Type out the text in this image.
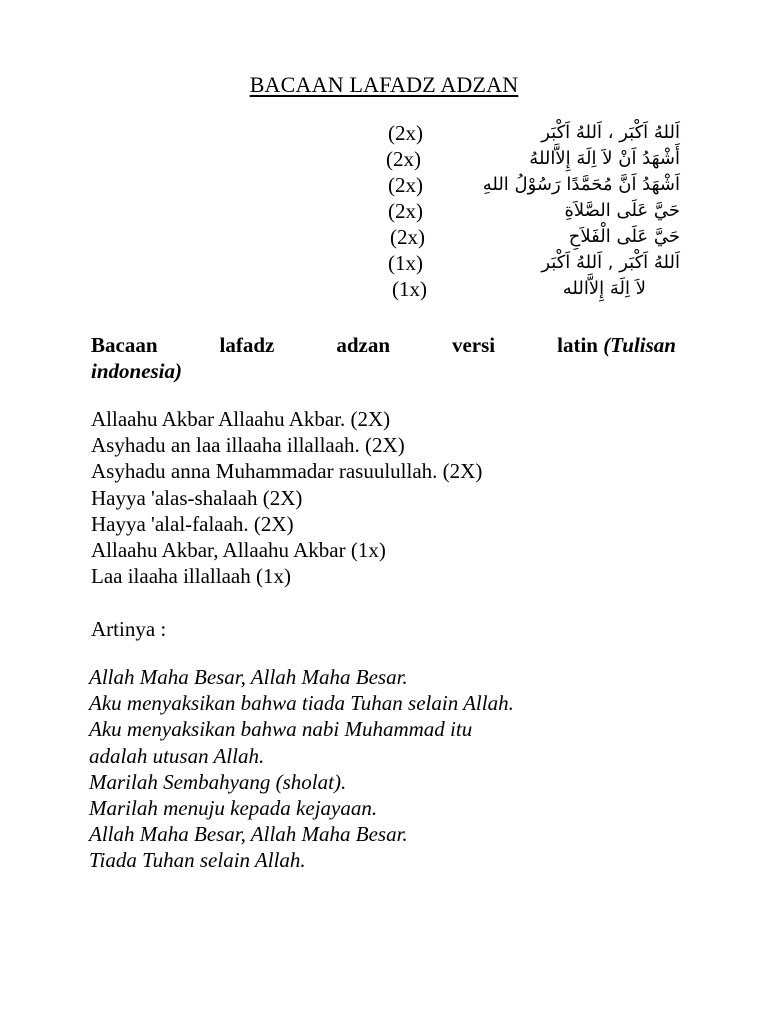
BACAAN LAFADZ ADZAN
(2x)	اَللهُ اَكْبَر ، اَللهُ اَكْبَر
(2x)	أَشْهَدُ اَنْ لاَ اِلَهَ إِلاَّاللهُ
(2x)	اَشْهَدُ اَنَّ مُحَمَّدًا رَسُوْلُ اللهِ
(2x)	حَيَّ عَلَى الصَّلاَةِ
(2x)	حَيَّ عَلَى الْفَلاَحِ
(1x)	اَللهُ اَكْبَر , اَللهُ اَكْبَر
(1x)	لاَ اِلَهَ إِلاَّالله
Bacaan	lafadz	adzan	versi	latin (Tulisan
indonesia)
Allaahu Akbar Allaahu Akbar. (2X)
Asyhadu an laa illaaha illallaah. (2X)
Asyhadu anna Muhammadar rasuulullah. (2X)
Hayya 'alas-shalaah (2X)
Hayya 'alal-falaah. (2X)
Allaahu Akbar, Allaahu Akbar (1x)
Laa ilaaha illallaah (1x)
Artinya :
Allah Maha Besar, Allah Maha Besar.
Aku menyaksikan bahwa tiada Tuhan selain Allah.
Aku menyaksikan bahwa nabi Muhammad itu
adalah utusan Allah.
Marilah Sembahyang (sholat).
Marilah menuju kepada kejayaan.
Allah Maha Besar, Allah Maha Besar.
Tiada Tuhan selain Allah.
